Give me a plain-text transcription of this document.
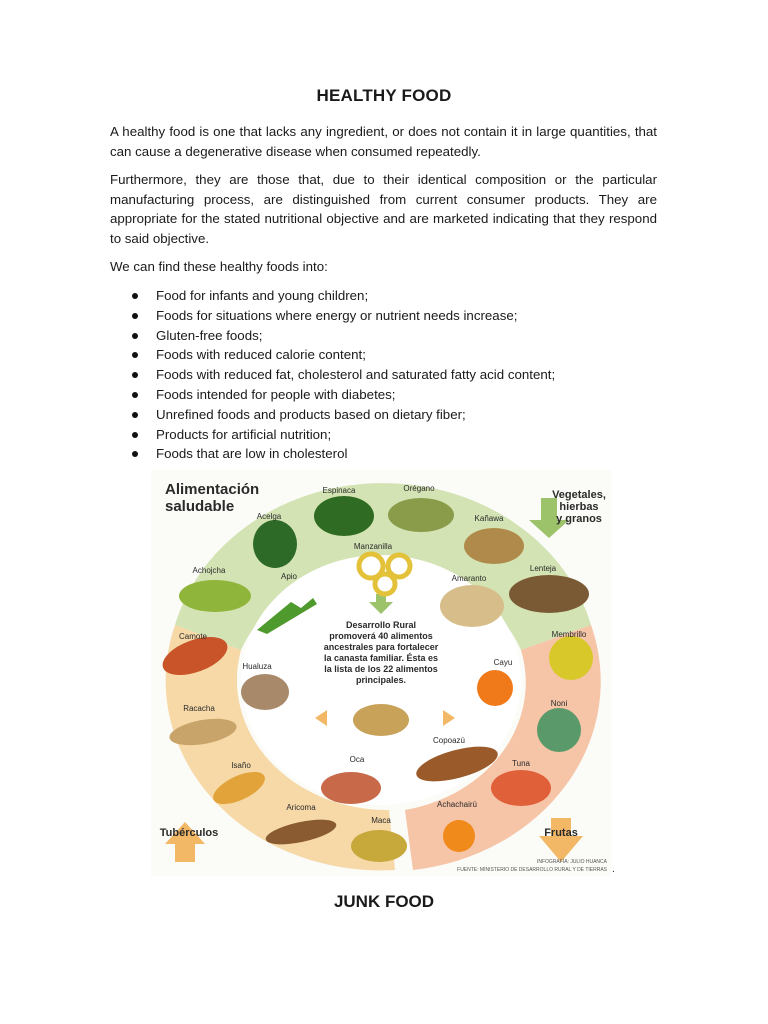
HEALTHY FOOD

A healthy food is one that lacks any ingredient, or does not contain it in large quantities, that can cause a degenerative disease when consumed repeatedly.

Furthermore, they are those that, due to their identical composition or the particular manufacturing process, are distinguished from current consumer products. They are appropriate for the stated nutritional objective and are marketed indicating that they respond to said objective.

We can find these healthy foods into:

Food for infants and young children;
Foods for situations where energy or nutrient needs increase;
Gluten-free foods;
Foods with reduced calorie content;
Foods with reduced fat, cholesterol and saturated fatty acid content;
Foods intended for people with diabetes;
Unrefined foods and products based on dietary fiber;
Products for artificial nutrition;
Foods that are low in cholesterol
Alimentación
saludable
Vegetales,
hierbas
y granos
Tubérculos	Frutas
Desarrollo Rural
promoverá 40 alimentos
ancestrales para fortalecer
la canasta familiar. Ésta es
la lista de los 22 alimentos
principales.
Espinaca	Orégano
Acelga	Kañawa
Manzanilla
Achojcha
Apio	Amaranto
Lenteja
Camote	Membrillo
Hualuza	Cayu
Racacha
Noni
Oca
Copoazú
Isaño	Tuna
Aricoma
Maca
Achachairú
INFOGRAFÍA: JULIO HUANCA
FUENTE: MINISTERIO DE DESARROLLO RURAL Y DE TIERRAS .
JUNK FOOD
